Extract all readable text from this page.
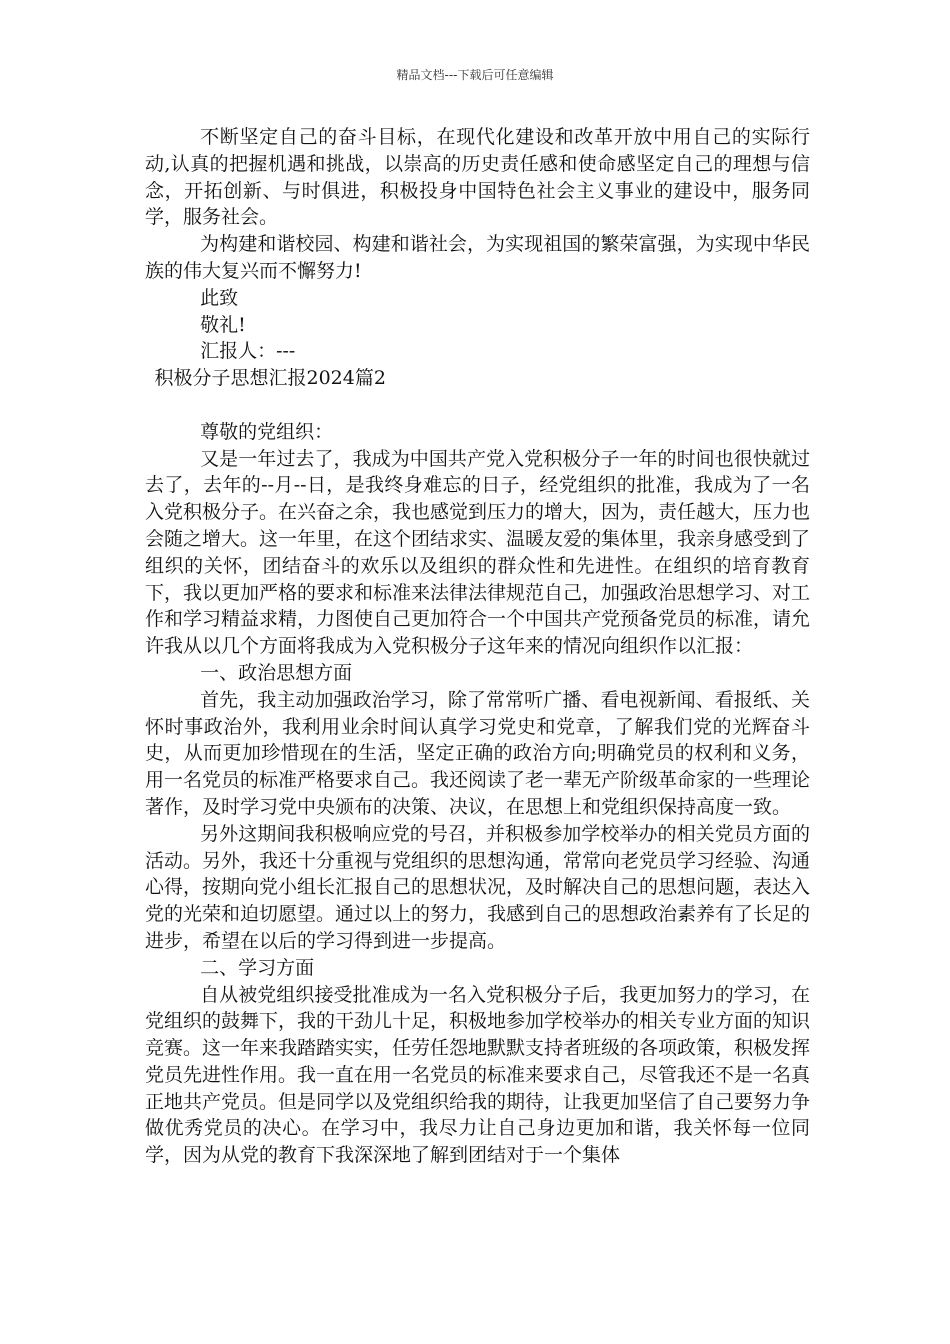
精品文档---下载后可任意编辑

不断坚定自己的奋斗目标，在现代化建设和改革开放中用自己的实际行动,认真的把握机遇和挑战，以崇高的历史责任感和使命感坚定自己的理想与信念，开拓创新、与时俱进，积极投身中国特色社会主义事业的建设中，服务同学，服务社会。

为构建和谐校园、构建和谐社会，为实现祖国的繁荣富强，为实现中华民族的伟大复兴而不懈努力!

此致

敬礼!

汇报人：---

积极分子思想汇报2024篇2

尊敬的党组织：

又是一年过去了，我成为中国共产党入党积极分子一年的时间也很快就过去了，去年的--月--日，是我终身难忘的日子，经党组织的批准，我成为了一名入党积极分子。在兴奋之余，我也感觉到压力的增大，因为，责任越大，压力也会随之增大。这一年里，在这个团结求实、温暖友爱的集体里，我亲身感受到了组织的关怀，团结奋斗的欢乐以及组织的群众性和先进性。在组织的培育教育下，我以更加严格的要求和标准来法律法律规范自己，加强政治思想学习、对工作和学习精益求精，力图使自己更加符合一个中国共产党预备党员的标准，请允许我从以几个方面将我成为入党积极分子这年来的情况向组织作以汇报：

一、政治思想方面

首先，我主动加强政治学习，除了常常听广播、看电视新闻、看报纸、关怀时事政治外，我利用业余时间认真学习党史和党章，了解我们党的光辉奋斗史，从而更加珍惜现在的生活，坚定正确的政治方向;明确党员的权利和义务，用一名党员的标准严格要求自己。我还阅读了老一辈无产阶级革命家的一些理论著作，及时学习党中央颁布的决策、决议，在思想上和党组织保持高度一致。

另外这期间我积极响应党的号召，并积极参加学校举办的相关党员方面的活动。另外，我还十分重视与党组织的思想沟通，常常向老党员学习经验、沟通心得，按期向党小组长汇报自己的思想状况，及时解决自己的思想问题，表达入党的光荣和迫切愿望。通过以上的努力，我感到自己的思想政治素养有了长足的进步，希望在以后的学习得到进一步提高。

二、学习方面

自从被党组织接受批准成为一名入党积极分子后，我更加努力的学习，在党组织的鼓舞下，我的干劲儿十足，积极地参加学校举办的相关专业方面的知识竞赛。这一年来我踏踏实实，任劳任怨地默默支持者班级的各项政策，积极发挥党员先进性作用。我一直在用一名党员的标准来要求自己，尽管我还不是一名真正地共产党员。但是同学以及党组织给我的期待，让我更加坚信了自己要努力争做优秀党员的决心。在学习中，我尽力让自己身边更加和谐，我关怀每一位同学，因为从党的教育下我深深地了解到团结对于一个集体
